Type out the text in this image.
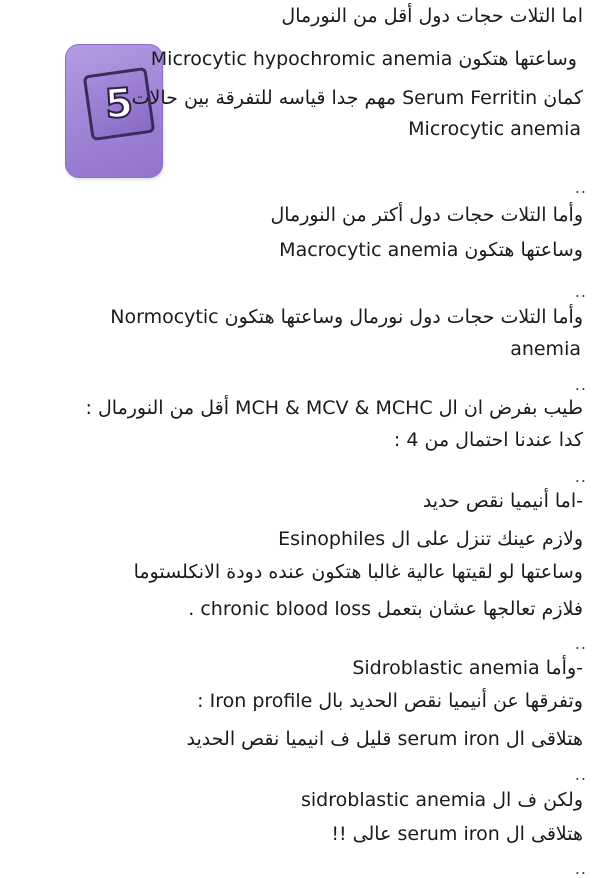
5
اما التلات حجات دول أقل من النورمال
وساعتها هتكون Microcytic hypochromic anemia
كمان Serum Ferritin مهم جدا قياسه للتفرقة بين حالات
Microcytic anemia
..
وأما التلات حجات دول أكتر من النورمال
وساعتها هتكون Macrocytic anemia
..
وأما التلات حجات دول نورمال وساعتها هتكون Normocytic
anemia
..
طيب بفرض ان ال MCH & MCV & MCHC أقل من النورمال :
كدا عندنا احتمال من 4 :
..
-اما أنيميا نقص حديد
ولازم عينك تنزل على ال Esinophiles
وساعتها لو لقيتها عالية غالبا هتكون عنده دودة الانكلستوما
فلازم تعالجها عشان بتعمل chronic blood loss .
..
-وأما Sidroblastic anemia
وتفرقها عن أنيميا نقص الحديد بال Iron profile :
هتلاقى ال serum iron قليل ف انيميا نقص الحديد
..
ولكن ف ال sidroblastic anemia
هتلاقى ال serum iron عالى !!
..
